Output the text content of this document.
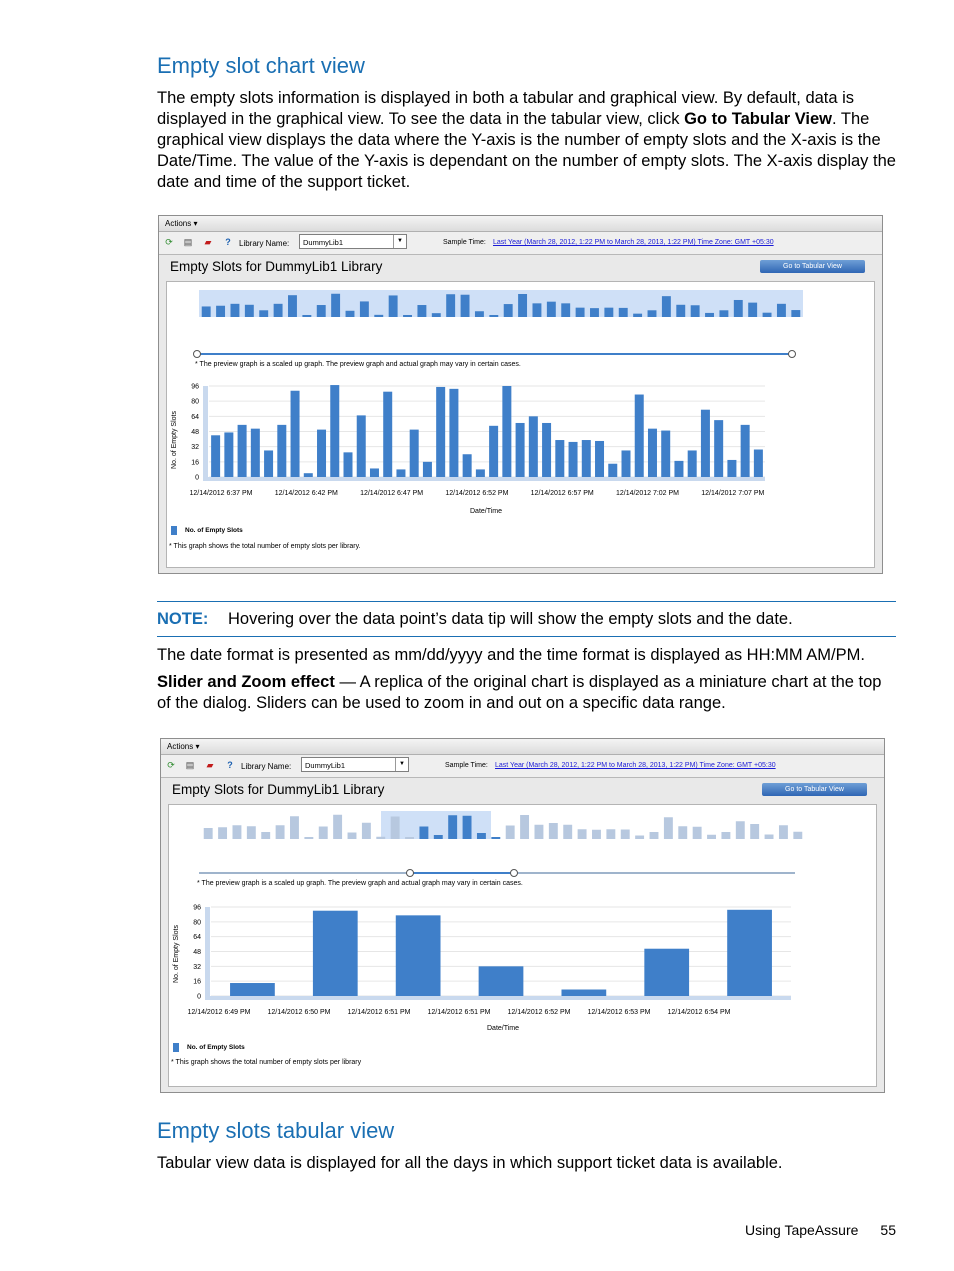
Empty slot chart view
The empty slots information is displayed in both a tabular and graphical view. By default, data is displayed in the graphical view. To see the data in the tabular view, click Go to Tabular View. The graphical view displays the data where the Y-axis is the number of empty slots and the X-axis is the Date/Time. The value of the Y-axis is dependant on the number of empty slots. The X-axis display the date and time of the support ticket.
Actions ▾
⟳ ▤ ▰ ? Library Name:	DummyLib1	▼	Sample Time: Last Year (March 28, 2012, 1:22 PM to March 28, 2013, 1:22 PM) Time Zone: GMT +05:30
Empty Slots for DummyLib1 Library	Go to Tabular View
* The preview graph is a scaled up graph. The preview graph and actual graph may vary in certain cases.
No. of Empty Slots
96
80
64
48
32
16
0
12/14/2012 6:37 PM	12/14/2012 6:42 PM	12/14/2012 6:47 PM	12/14/2012 6:52 PM	12/14/2012 6:57 PM	12/14/2012 7:02 PM	12/14/2012 7:07 PM
Date/Time
No. of Empty Slots
* This graph shows the total number of empty slots per library.
NOTE: Hovering over the data point’s data tip will show the empty slots and the date.
The date format is presented as mm/dd/yyyy and the time format is displayed as HH:MM AM/PM.
Slider and Zoom effect — A replica of the original chart is displayed as a miniature chart at the top of the dialog. Sliders can be used to zoom in and out on a specific data range.
Actions ▾
⟳ ▤ ▰ ? Library Name:	DummyLib1	▼	Sample Time: Last Year (March 28, 2012, 1:22 PM to March 28, 2013, 1:22 PM) Time Zone: GMT +05:30
Empty Slots for DummyLib1 Library	Go to Tabular View
* The preview graph is a scaled up graph. The preview graph and actual graph may vary in certain cases.
No. of Empty Slots
96
80
64
48
32
16
0
12/14/2012 6:49 PM 12/14/2012 6:50 PM 12/14/2012 6:51 PM 12/14/2012 6:51 PM 12/14/2012 6:52 PM 12/14/2012 6:53 PM 12/14/2012 6:54 PM
Date/Time
No. of Empty Slots
* This graph shows the total number of empty slots per library
Empty slots tabular view
Tabular view data is displayed for all the days in which support ticket data is available.
Using TapeAssure 55
